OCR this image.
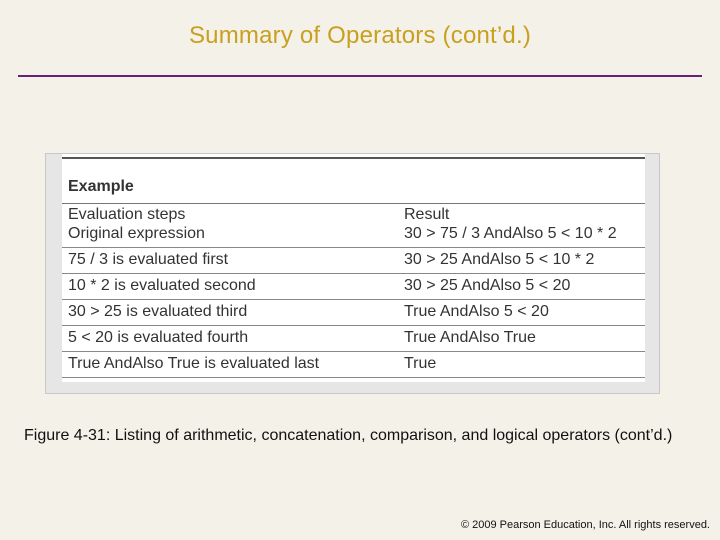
Summary of Operators (cont’d.)
Example
Evaluation steps	Result
Original expression	30 > 75 / 3 AndAlso 5 < 10 * 2
75 / 3 is evaluated first	30 > 25 AndAlso 5 < 10 * 2
10 * 2 is evaluated second	30 > 25 AndAlso 5 < 20
30 > 25 is evaluated third	True AndAlso 5 < 20
5 < 20 is evaluated fourth	True AndAlso True
True AndAlso True is evaluated last	True
Figure 4-31: Listing of arithmetic, concatenation, comparison, and logical operators (cont’d.)
© 2009 Pearson Education, Inc. All rights reserved.
